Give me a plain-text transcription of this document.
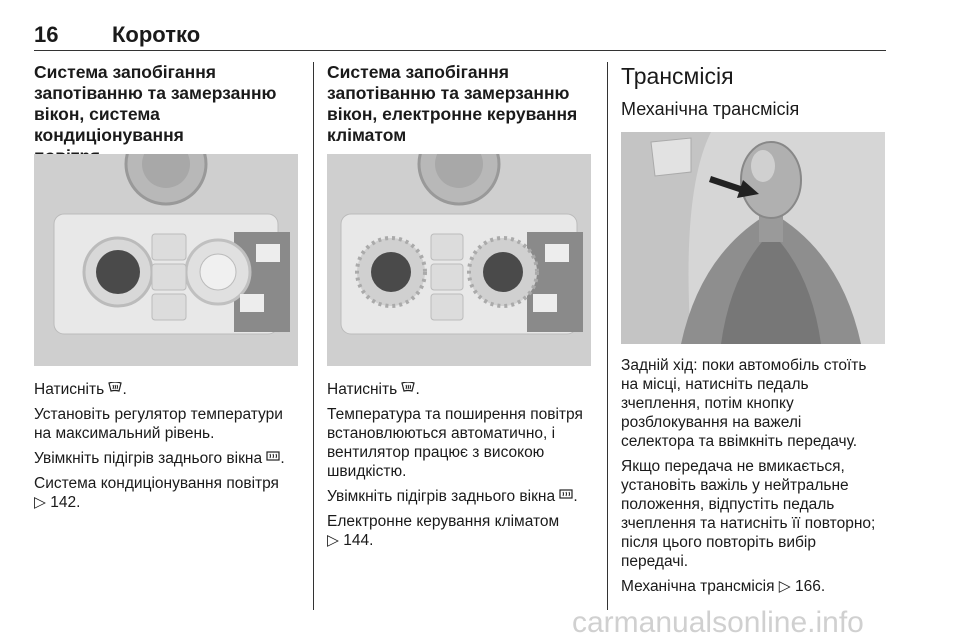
16 Коротко
Система запобігання
запотіванню та замерзанню
вікон, система кондиціонування

Натисніть .

Установіть регулятор температури
на максимальний рівень.

Увімкніть підігрів заднього вікна .

Система кондиціонування повітря
▷ 142.

Система запобігання
запотіванню та замерзанню
вікон, електронне керування
кліматом

Натисніть .

Температура та поширення повітря
встановлюються автоматично, і
вентилятор працює з високою
швидкістю.

Увімкніть підігрів заднього вікна .

Електронне керування кліматом
▷ 144.

Трансмісія
Механічна трансмісія

Задній хід: поки автомобіль стоїть
на місці, натисніть педаль
зчеплення, потім кнопку
розблокування на важелі
селектора та ввімкніть передачу.

Якщо передача не вмикається,
установіть важіль у нейтральне
положення, відпустіть педаль
зчеплення та натисніть її повторно;
після цього повторіть вибір
передачі.

Механічна трансмісія ▷ 166.

carmanualsonline.info
